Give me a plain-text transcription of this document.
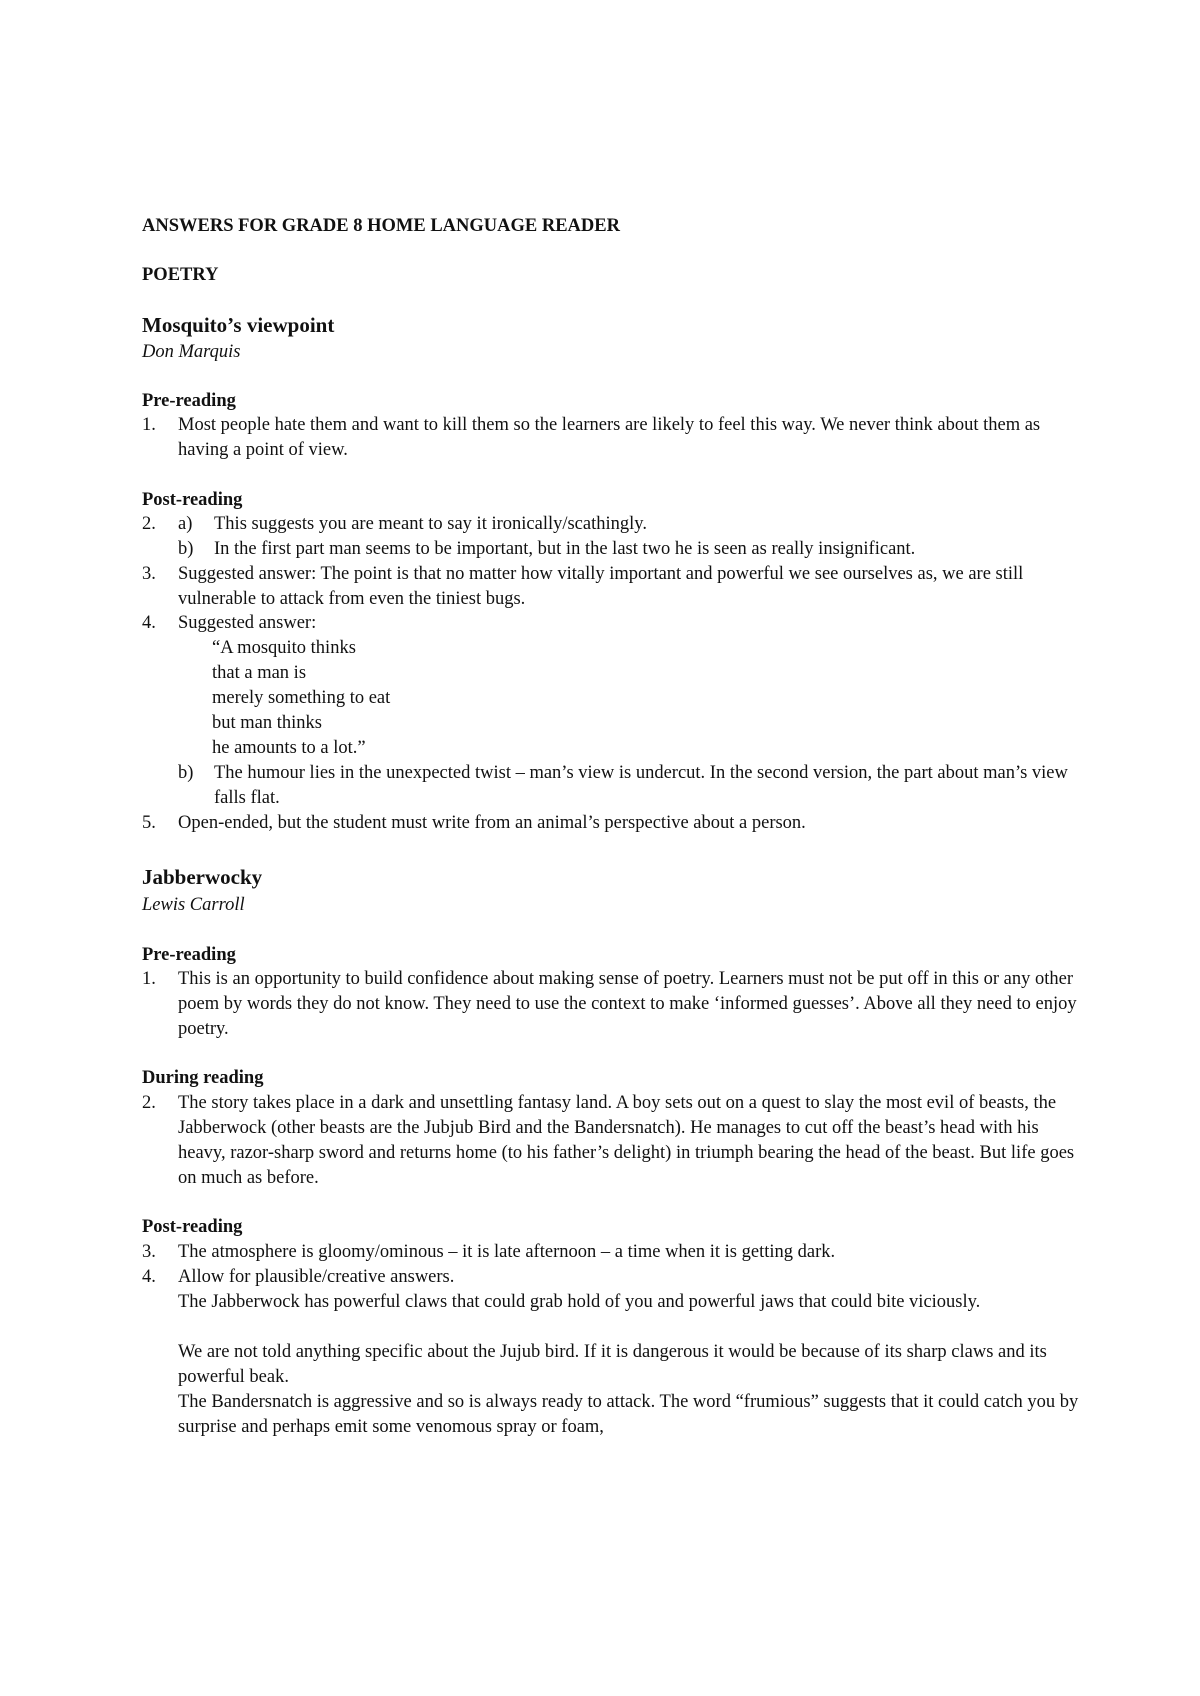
ANSWERS FOR GRADE 8 HOME LANGUAGE READER
POETRY
Mosquito’s viewpoint
Don Marquis
Pre-reading
1.	Most people hate them and want to kill them so the learners are likely to feel this way. We never think about them as having a point of view.
Post-reading
2.	a)	This suggests you are meant to say it ironically/scathingly.
b)	In the first part man seems to be important, but in the last two he is seen as really insignificant.
3.	Suggested answer: The point is that no matter how vitally important and powerful we see ourselves as, we are still vulnerable to attack from even the tiniest bugs.
4.	Suggested answer:
“A mosquito thinks
that a man is
merely something to eat
but man thinks
he amounts to a lot.”
b)	The humour lies in the unexpected twist – man’s view is undercut. In the second version, the part about man’s view falls flat.
5.	Open-ended, but the student must write from an animal’s perspective about a person.
Jabberwocky
Lewis Carroll
Pre-reading
1.	This is an opportunity to build confidence about making sense of poetry. Learners must not be put off in this or any other poem by words they do not know. They need to use the context to make ‘informed guesses’. Above all they need to enjoy poetry.
During reading
2.	The story takes place in a dark and unsettling fantasy land. A boy sets out on a quest to slay the most evil of beasts, the Jabberwock (other beasts are the Jubjub Bird and the Bandersnatch). He manages to cut off the beast’s head with his heavy, razor-sharp sword and returns home (to his father’s delight) in triumph bearing the head of the beast. But life goes on much as before.
Post-reading
3.	The atmosphere is gloomy/ominous – it is late afternoon – a time when it is getting dark.
4.	Allow for plausible/creative answers.
The Jabberwock has powerful claws that could grab hold of you and powerful jaws that could bite viciously.
We are not told anything specific about the Jujub bird. If it is dangerous it would be because of its sharp claws and its powerful beak.
The Bandersnatch is aggressive and so is always ready to attack. The word “frumious” suggests that it could catch you by surprise and perhaps emit some venomous spray or foam,
